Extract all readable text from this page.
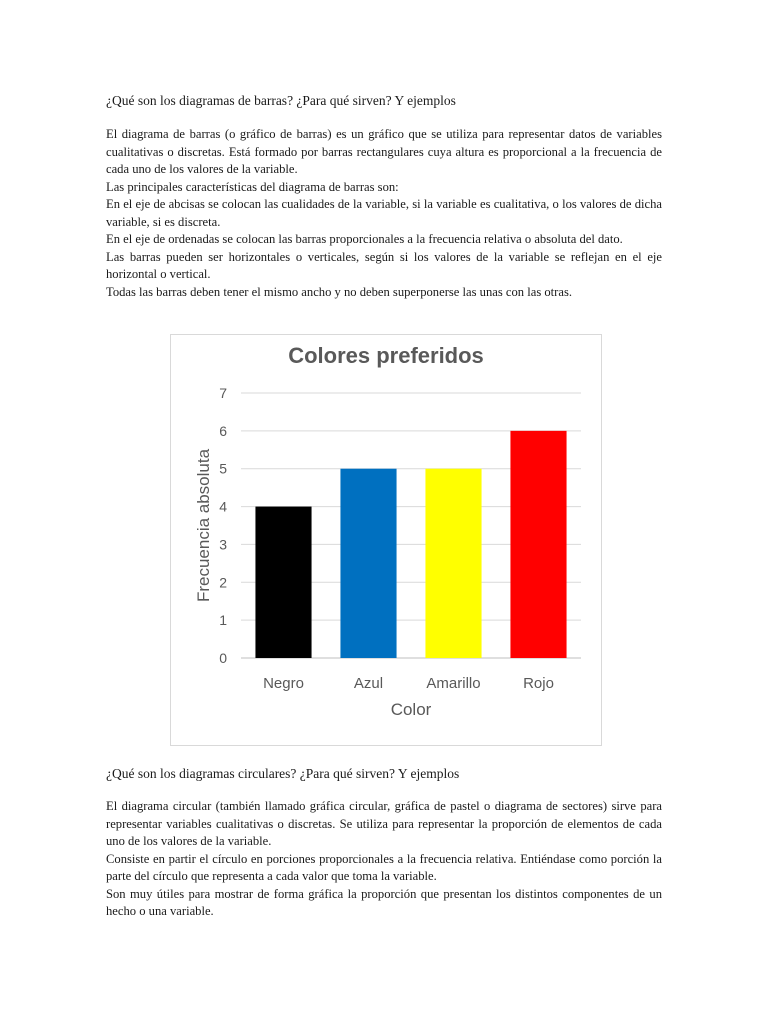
¿Qué son los diagramas de barras? ¿Para qué sirven? Y ejemplos

El diagrama de barras (o gráfico de barras) es un gráfico que se utiliza para representar datos de variables cualitativas o discretas. Está formado por barras rectangulares cuya altura es proporcional a la frecuencia de cada uno de los valores de la variable.

Las principales características del diagrama de barras son:

En el eje de abcisas se colocan las cualidades de la variable, si la variable es cualitativa, o los valores de dicha variable, si es discreta.

En el eje de ordenadas se colocan las barras proporcionales a la frecuencia relativa o absoluta del dato.

Las barras pueden ser horizontales o verticales, según si los valores de la variable se reflejan en el eje horizontal o vertical.

Todas las barras deben tener el mismo ancho y no deben superponerse las unas con las otras.

Colores preferidos
Frecuencia absoluta
Color
0
1
2
3
4
5
6
7
Negro	Azul	Amarillo	Rojo
¿Qué son los diagramas circulares? ¿Para qué sirven? Y ejemplos

El diagrama circular (también llamado gráfica circular, gráfica de pastel o diagrama de sectores) sirve para representar variables cualitativas o discretas. Se utiliza para representar la proporción de elementos de cada uno de los valores de la variable.

Consiste en partir el círculo en porciones proporcionales a la frecuencia relativa. Entiéndase como porción la parte del círculo que representa a cada valor que toma la variable.

Son muy útiles para mostrar de forma gráfica la proporción que presentan los distintos componentes de un hecho o una variable.
